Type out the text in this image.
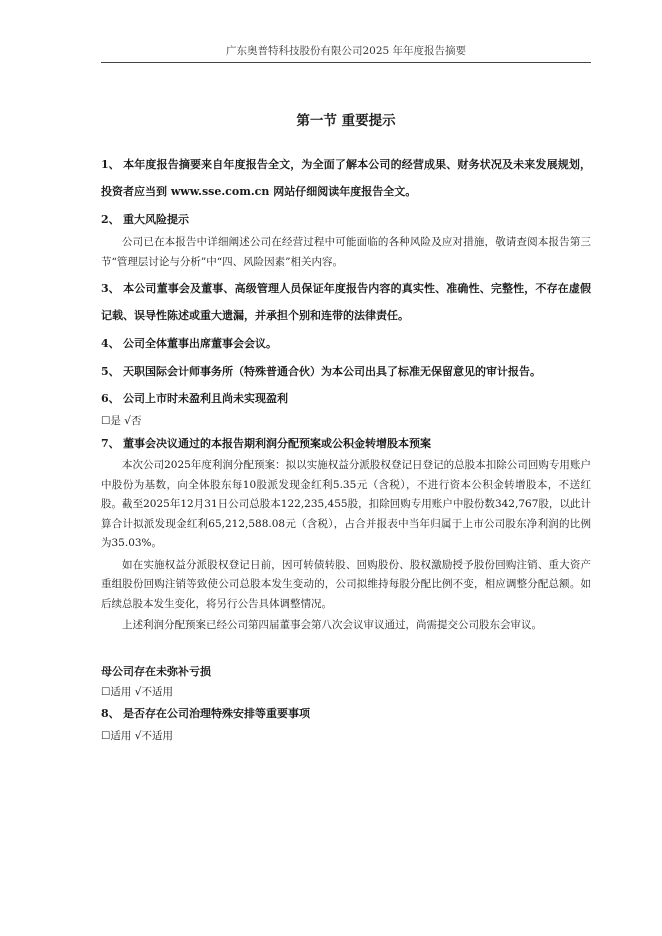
广东奥普特科技股份有限公司2025 年年度报告摘要
第一节 重要提示

1、 本年度报告摘要来自年度报告全文，为全面了解本公司的经营成果、财务状况及未来发展规划，投资者应当到 www.sse.com.cn 网站仔细阅读年度报告全文。

2、 重大风险提示

公司已在本报告中详细阐述公司在经营过程中可能面临的各种风险及应对措施，敬请查阅本报告第三节“管理层讨论与分析”中“四、风险因素”相关内容。

3、 本公司董事会及董事、高级管理人员保证年度报告内容的真实性、准确性、完整性，不存在虚假记载、误导性陈述或重大遗漏，并承担个别和连带的法律责任。

4、 公司全体董事出席董事会会议。

5、 天职国际会计师事务所（特殊普通合伙）为本公司出具了标准无保留意见的审计报告。

6、 公司上市时未盈利且尚未实现盈利

☐是 √否

7、 董事会决议通过的本报告期利润分配预案或公积金转增股本预案

本次公司2025年度利润分配预案：拟以实施权益分派股权登记日登记的总股本扣除公司回购专用账户中股份为基数，向全体股东每10股派发现金红利5.35元（含税），不进行资本公积金转增股本，不送红股。截至2025年12月31日公司总股本122,235,455股，扣除回购专用账户中股份数342,767股，以此计算合计拟派发现金红利65,212,588.08元（含税），占合并报表中当年归属于上市公司股东净利润的比例为35.03%。

如在实施权益分派股权登记日前，因可转债转股、回购股份、股权激励授予股份回购注销、重大资产重组股份回购注销等致使公司总股本发生变动的，公司拟维持每股分配比例不变，相应调整分配总额。如后续总股本发生变化，将另行公告具体调整情况。

上述利润分配预案已经公司第四届董事会第八次会议审议通过，尚需提交公司股东会审议。

母公司存在未弥补亏损

☐适用 √不适用

8、 是否存在公司治理特殊安排等重要事项

☐适用 √不适用
